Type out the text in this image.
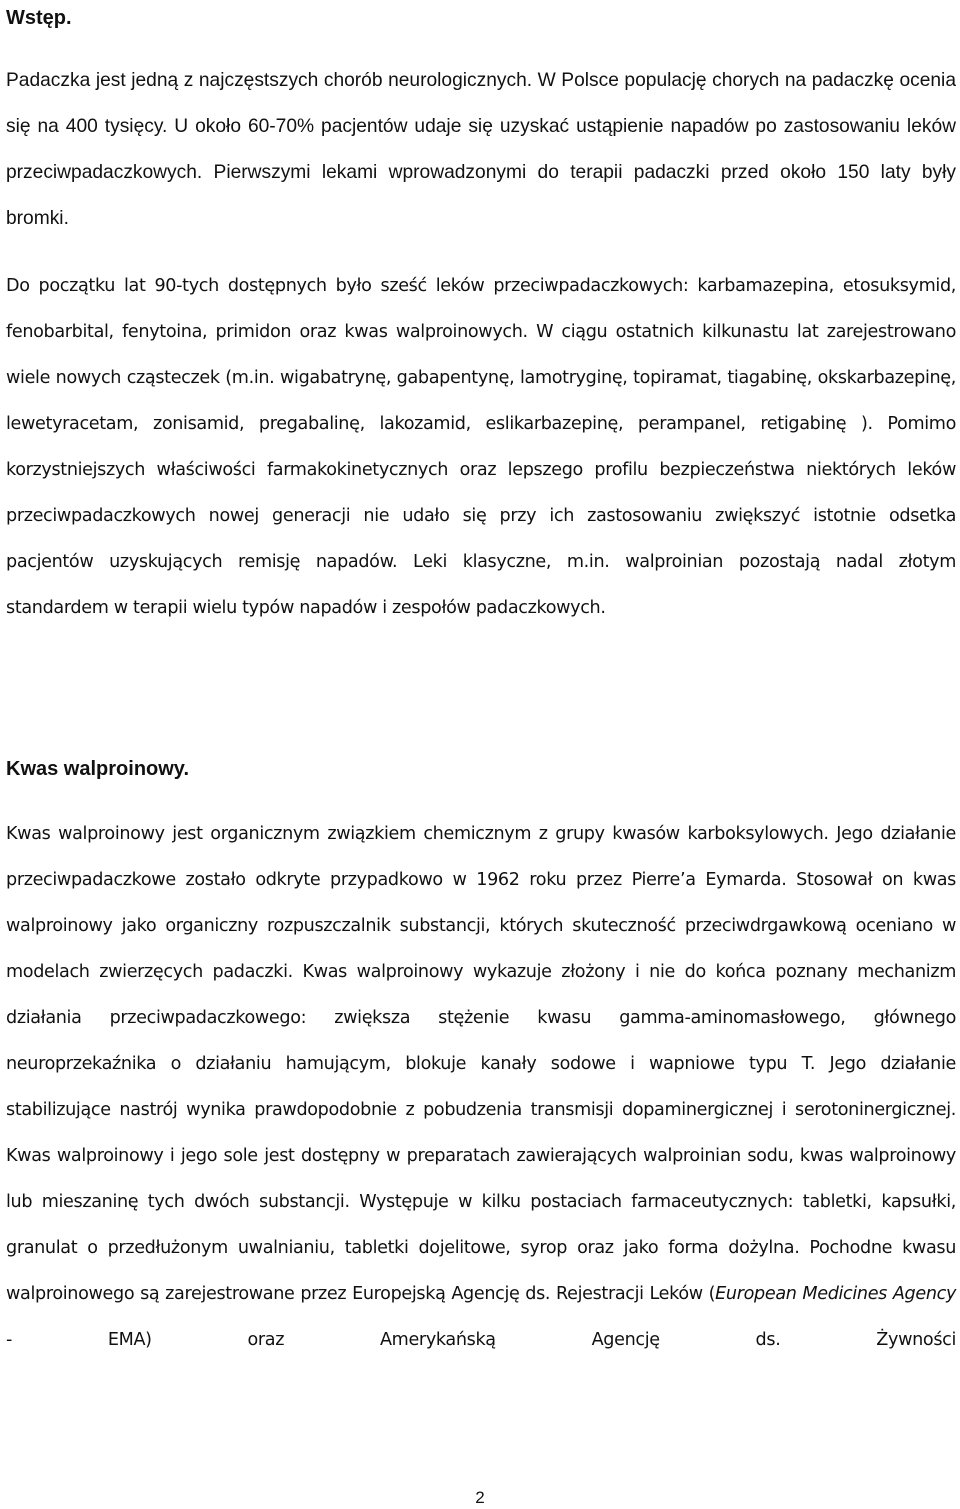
Wstęp.

Padaczka jest jedną z najczęstszych chorób neurologicznych. W Polsce populację chorych na padaczkę ocenia się na 400 tysięcy. U około 60-70% pacjentów udaje się uzyskać ustąpienie napadów po zastosowaniu leków przeciwpadaczkowych. Pierwszymi lekami wprowadzonymi do terapii padaczki przed około 150 laty były bromki.

Do początku lat 90-tych dostępnych było sześć leków przeciwpadaczkowych: karbamazepina, etosuksymid, fenobarbital, fenytoina, primidon oraz kwas walproinowych. W ciągu ostatnich kilkunastu lat zarejestrowano wiele nowych cząsteczek (m.in. wigabatrynę, gabapentynę, lamotryginę, topiramat, tiagabinę, okskarbazepinę, lewetyracetam, zonisamid, pregabalinę, lakozamid, eslikarbazepinę, perampanel, retigabinę ). Pomimo korzystniejszych właściwości farmakokinetycznych oraz lepszego profilu bezpieczeństwa niektórych leków przeciwpadaczkowych nowej generacji nie udało się przy ich zastosowaniu zwiększyć istotnie odsetka pacjentów uzyskujących remisję napadów. Leki klasyczne, m.in. walproinian pozostają nadal złotym standardem w terapii wielu typów napadów i zespołów padaczkowych.

Kwas walproinowy.

Kwas walproinowy jest organicznym związkiem chemicznym z grupy kwasów karboksylowych. Jego działanie przeciwpadaczkowe zostało odkryte przypadkowo w 1962 roku przez Pierre’a Eymarda. Stosował on kwas walproinowy jako organiczny rozpuszczalnik substancji, których skuteczność przeciwdrgawkową oceniano w modelach zwierzęcych padaczki. Kwas walproinowy wykazuje złożony i nie do końca poznany mechanizm działania przeciwpadaczkowego: zwiększa stężenie kwasu gamma-aminomasłowego, głównego neuroprzekaźnika o działaniu hamującym, blokuje kanały sodowe i wapniowe typu T. Jego działanie stabilizujące nastrój wynika prawdopodobnie z pobudzenia transmisji dopaminergicznej i serotoninergicznej. Kwas walproinowy i jego sole jest dostępny w preparatach zawierających walproinian sodu, kwas walproinowy lub mieszaninę tych dwóch substancji. Występuje w kilku postaciach farmaceutycznych: tabletki, kapsułki, granulat o przedłużonym uwalnianiu, tabletki dojelitowe, syrop oraz jako forma dożylna. Pochodne kwasu walproinowego są zarejestrowane przez Europejską Agencję ds. Rejestracji Leków (European Medicines Agency - EMA) oraz Amerykańską Agencję ds. Żywności

2
